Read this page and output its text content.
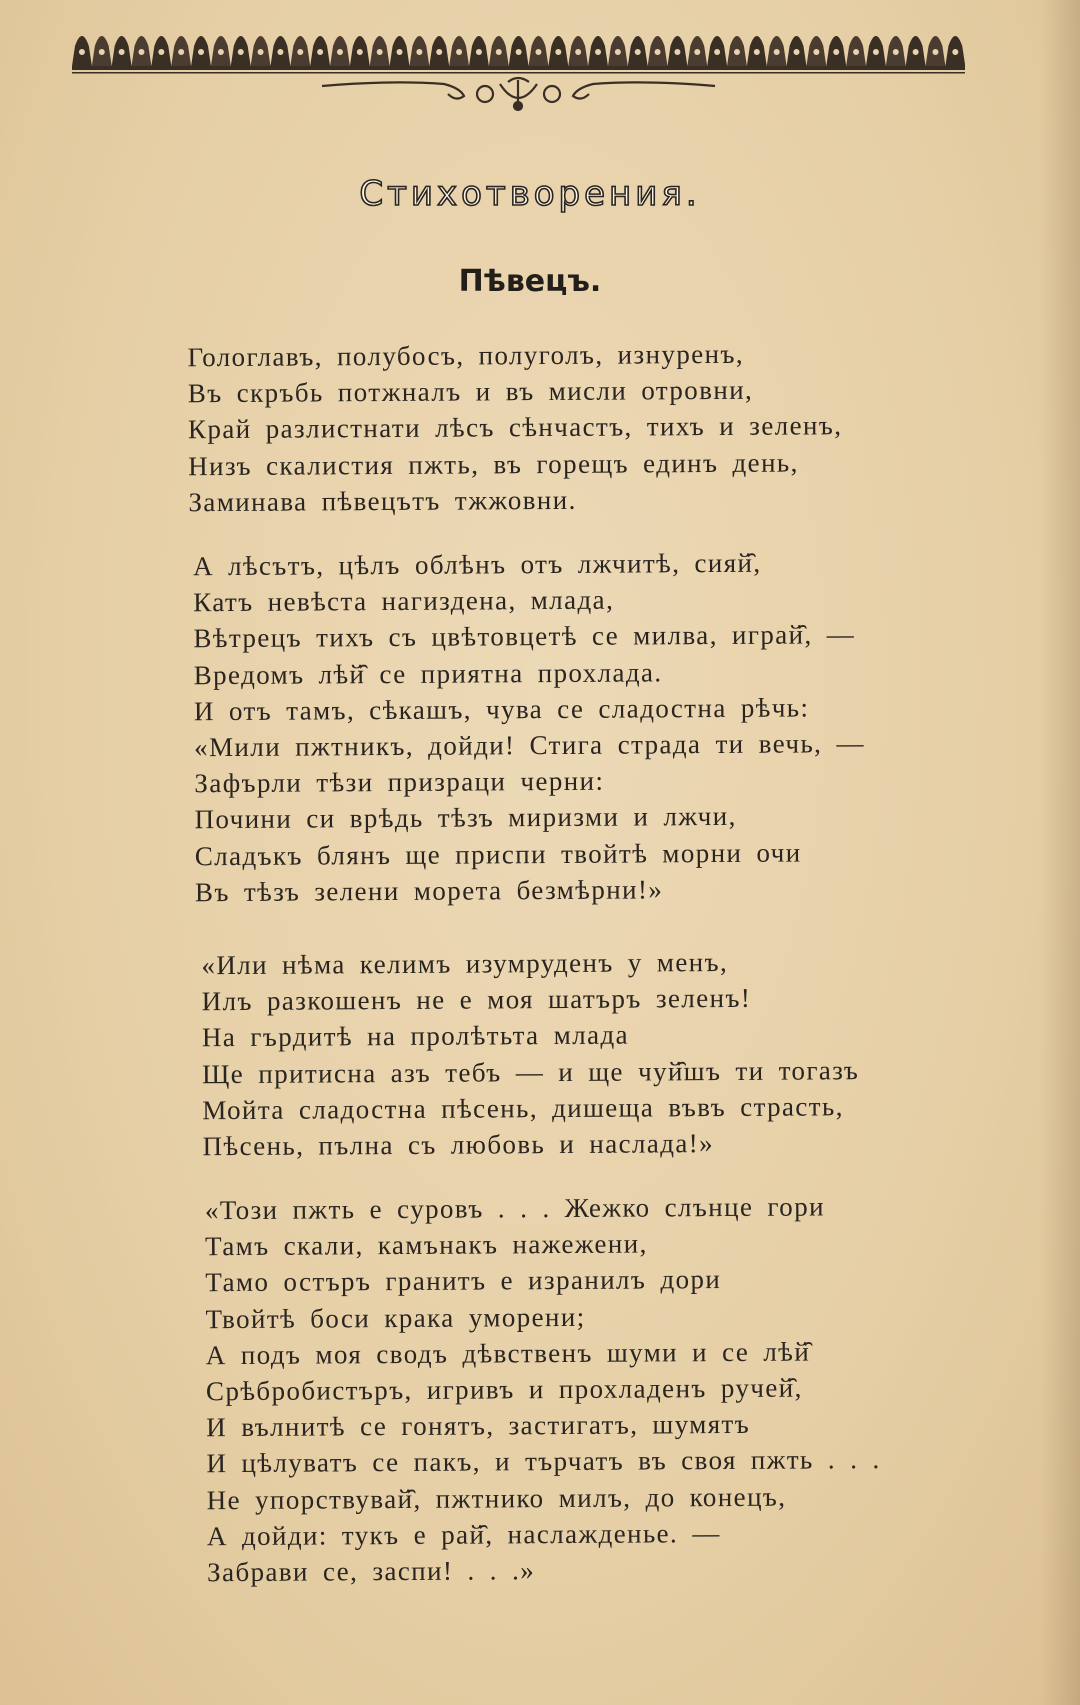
Стихотворения.
Пѣвецъ.
Гологлавъ, полубосъ, полуголъ, изнуренъ,
Въ скръбь потжналъ и въ мисли отровни,
Край разлистнати лѣсъ сѣнчастъ, тихъ и зеленъ,
Низъ скалистия пжть, въ горещъ единъ день,
Заминава пѣвецътъ тжжовни.
А лѣсътъ, цѣлъ облѣнъ отъ лжчитѣ, сияй̑,
Катъ невѣста нагиздена, млада,
Вѣтрецъ тихъ съ цвѣтовцетѣ се милва, играй̑, —
Вредомъ лѣй̑ се приятна прохлада.
И отъ тамъ, сѣкашъ, чува се сладостна рѣчь:
«Мили пжтникъ, дойди! Стига страда ти вечь, —
Зафърли тѣзи призраци черни:
Почини си врѣдь тѣзъ миризми и лжчи,
Сладъкъ блянъ ще приспи твойтѣ морни очи
Въ тѣзъ зелени морета безмѣрни!»
«Или нѣма келимъ изумруденъ у менъ,
Илъ разкошенъ не е моя шатъръ зеленъ!
На гърдитѣ на пролѣтьта млада
Ще притисна азъ тебъ — и ще чуй̑шъ ти тогазъ
Мойта сладостна пѣсень, дишеща въвъ страсть,
Пѣсень, пълна съ любовь и наслада!»
«Този пжть е суровъ . . . Жежко слънце гори
Тамъ скали, камънакъ нажежени,
Тамо остъръ гранитъ е изранилъ дори
Твойтѣ боси крака уморени;
А подъ моя сводъ дѣвственъ шуми и се лѣй̑
Срѣбробистъръ, игривъ и прохладенъ ручей̑,
И вълнитѣ се гонятъ, застигатъ, шумятъ
И цѣлуватъ се пакъ, и търчатъ въ своя пжть . . .
Не упорствувай̑, пжтнико милъ, до конецъ,
А дойди: тукъ е рай̑, наслажденье. —
Забрави се, заспи! . . .»
